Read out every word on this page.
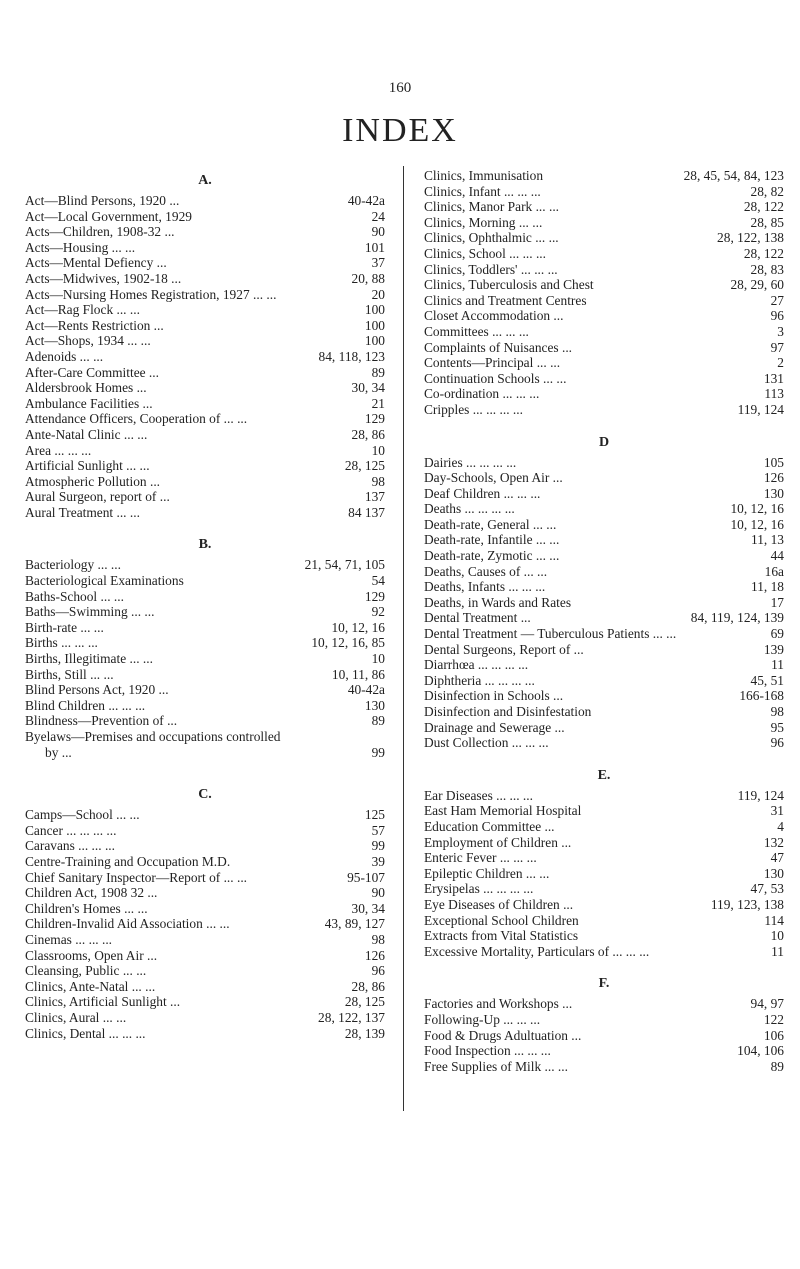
160
INDEX
A.
Act—Blind Persons, 1920 ...	40-42a
Act—Local Government, 1929	24
Acts—Children, 1908-32 ...	90
Acts—Housing ... ...	101
Acts—Mental Defiency ...	37
Acts—Midwives, 1902-18 ...	20, 88
Acts—Nursing Homes Registration, 1927 ... ...	20
Act—Rag Flock ... ...	100
Act—Rents Restriction ...	100
Act—Shops, 1934 ... ...	100
Adenoids ... ...	84, 118, 123
After-Care Committee ...	89
Aldersbrook Homes ...	30, 34
Ambulance Facilities ...	21
Attendance Officers, Cooperation of ... ...	129
Ante-Natal Clinic ... ...	28, 86
Area ... ... ...	10
Artificial Sunlight ... ...	28, 125
Atmospheric Pollution ...	98
Aural Surgeon, report of ...	137
Aural Treatment ... ...	84 137
B.
Bacteriology ... ...	21, 54, 71, 105
Bacteriological Examinations	54
Baths-School ... ...	129
Baths—Swimming ... ...	92
Birth-rate ... ...	10, 12, 16
Births ... ... ...	10, 12, 16, 85
Births, Illegitimate ... ...	10
Births, Still ... ...	10, 11, 86
Blind Persons Act, 1920 ...	40-42a
Blind Children ... ... ...	130
Blindness—Prevention of ...	89
Byelaws—Premises and occupations controlled by ...	99
C.
Camps—School ... ...	125
Cancer ... ... ... ...	57
Caravans ... ... ...	99
Centre-Training and Occupation M.D.	39
Chief Sanitary Inspector—Report of ... ...	95-107
Children Act, 1908 32 ...	90
Children's Homes ... ...	30, 34
Children-Invalid Aid Association ... ...	43, 89, 127
Cinemas ... ... ...	98
Classrooms, Open Air ...	126
Cleansing, Public ... ...	96
Clinics, Ante-Natal ... ...	28, 86
Clinics, Artificial Sunlight ...	28, 125
Clinics, Aural ... ...	28, 122, 137
Clinics, Dental ... ... ...	28, 139
Clinics, Immunisation	28, 45, 54, 84, 123
Clinics, Infant ... ... ...	28, 82
Clinics, Manor Park ... ...	28, 122
Clinics, Morning ... ...	28, 85
Clinics, Ophthalmic ... ...	28, 122, 138
Clinics, School ... ... ...	28, 122
Clinics, Toddlers' ... ... ...	28, 83
Clinics, Tuberculosis and Chest	28, 29, 60
Clinics and Treatment Centres	27
Closet Accommodation ...	96
Committees ... ... ...	3
Complaints of Nuisances ...	97
Contents—Principal ... ...	2
Continuation Schools ... ...	131
Co-ordination ... ... ...	113
Cripples ... ... ... ...	119, 124
D
Dairies ... ... ... ...	105
Day-Schools, Open Air ...	126
Deaf Children ... ... ...	130
Deaths ... ... ... ...	10, 12, 16
Death-rate, General ... ...	10, 12, 16
Death-rate, Infantile ... ...	11, 13
Death-rate, Zymotic ... ...	44
Deaths, Causes of ... ...	16a
Deaths, Infants ... ... ...	11, 18
Deaths, in Wards and Rates	17
Dental Treatment ...	84, 119, 124, 139
Dental Treatment — Tuberculous Patients ... ...	69
Dental Surgeons, Report of ...	139
Diarrhœa ... ... ... ...	11
Diphtheria ... ... ... ...	45, 51
Disinfection in Schools ...	166-168
Disinfection and Disinfestation	98
Drainage and Sewerage ...	95
Dust Collection ... ... ...	96
E.
Ear Diseases ... ... ...	119, 124
East Ham Memorial Hospital	31
Education Committee ...	4
Employment of Children ...	132
Enteric Fever ... ... ...	47
Epileptic Children ... ...	130
Erysipelas ... ... ... ...	47, 53
Eye Diseases of Children ...	119, 123, 138
Exceptional School Children	114
Extracts from Vital Statistics	10
Excessive Mortality, Particulars of ... ... ...	11
F.
Factories and Workshops ...	94, 97
Following-Up ... ... ...	122
Food & Drugs Adultuation ...	106
Food Inspection ... ... ...	104, 106
Free Supplies of Milk ... ...	89
